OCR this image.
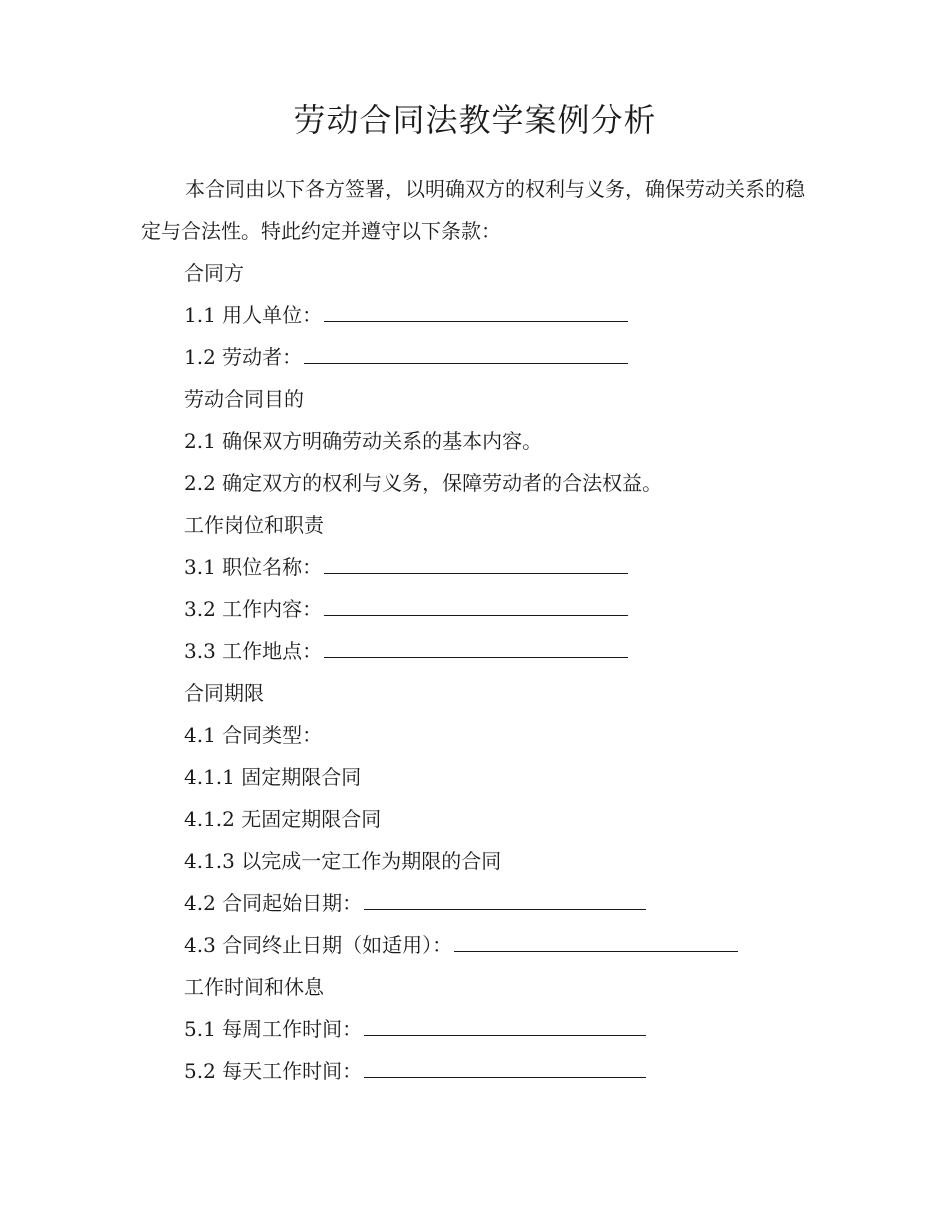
劳动合同法教学案例分析

本合同由以下各方签署，以明确双方的权利与义务，确保劳动关系的稳定与合法性。特此约定并遵守以下条款：

合同方
1.1 用人单位：
1.2 劳动者：
劳动合同目的
2.1 确保双方明确劳动关系的基本内容。
2.2 确定双方的权利与义务，保障劳动者的合法权益。
工作岗位和职责
3.1 职位名称：
3.2 工作内容：
3.3 工作地点：
合同期限
4.1 合同类型：
4.1.1 固定期限合同
4.1.2 无固定期限合同
4.1.3 以完成一定工作为期限的合同
4.2 合同起始日期：
4.3 合同终止日期（如适用）：
工作时间和休息
5.1 每周工作时间：
5.2 每天工作时间：
